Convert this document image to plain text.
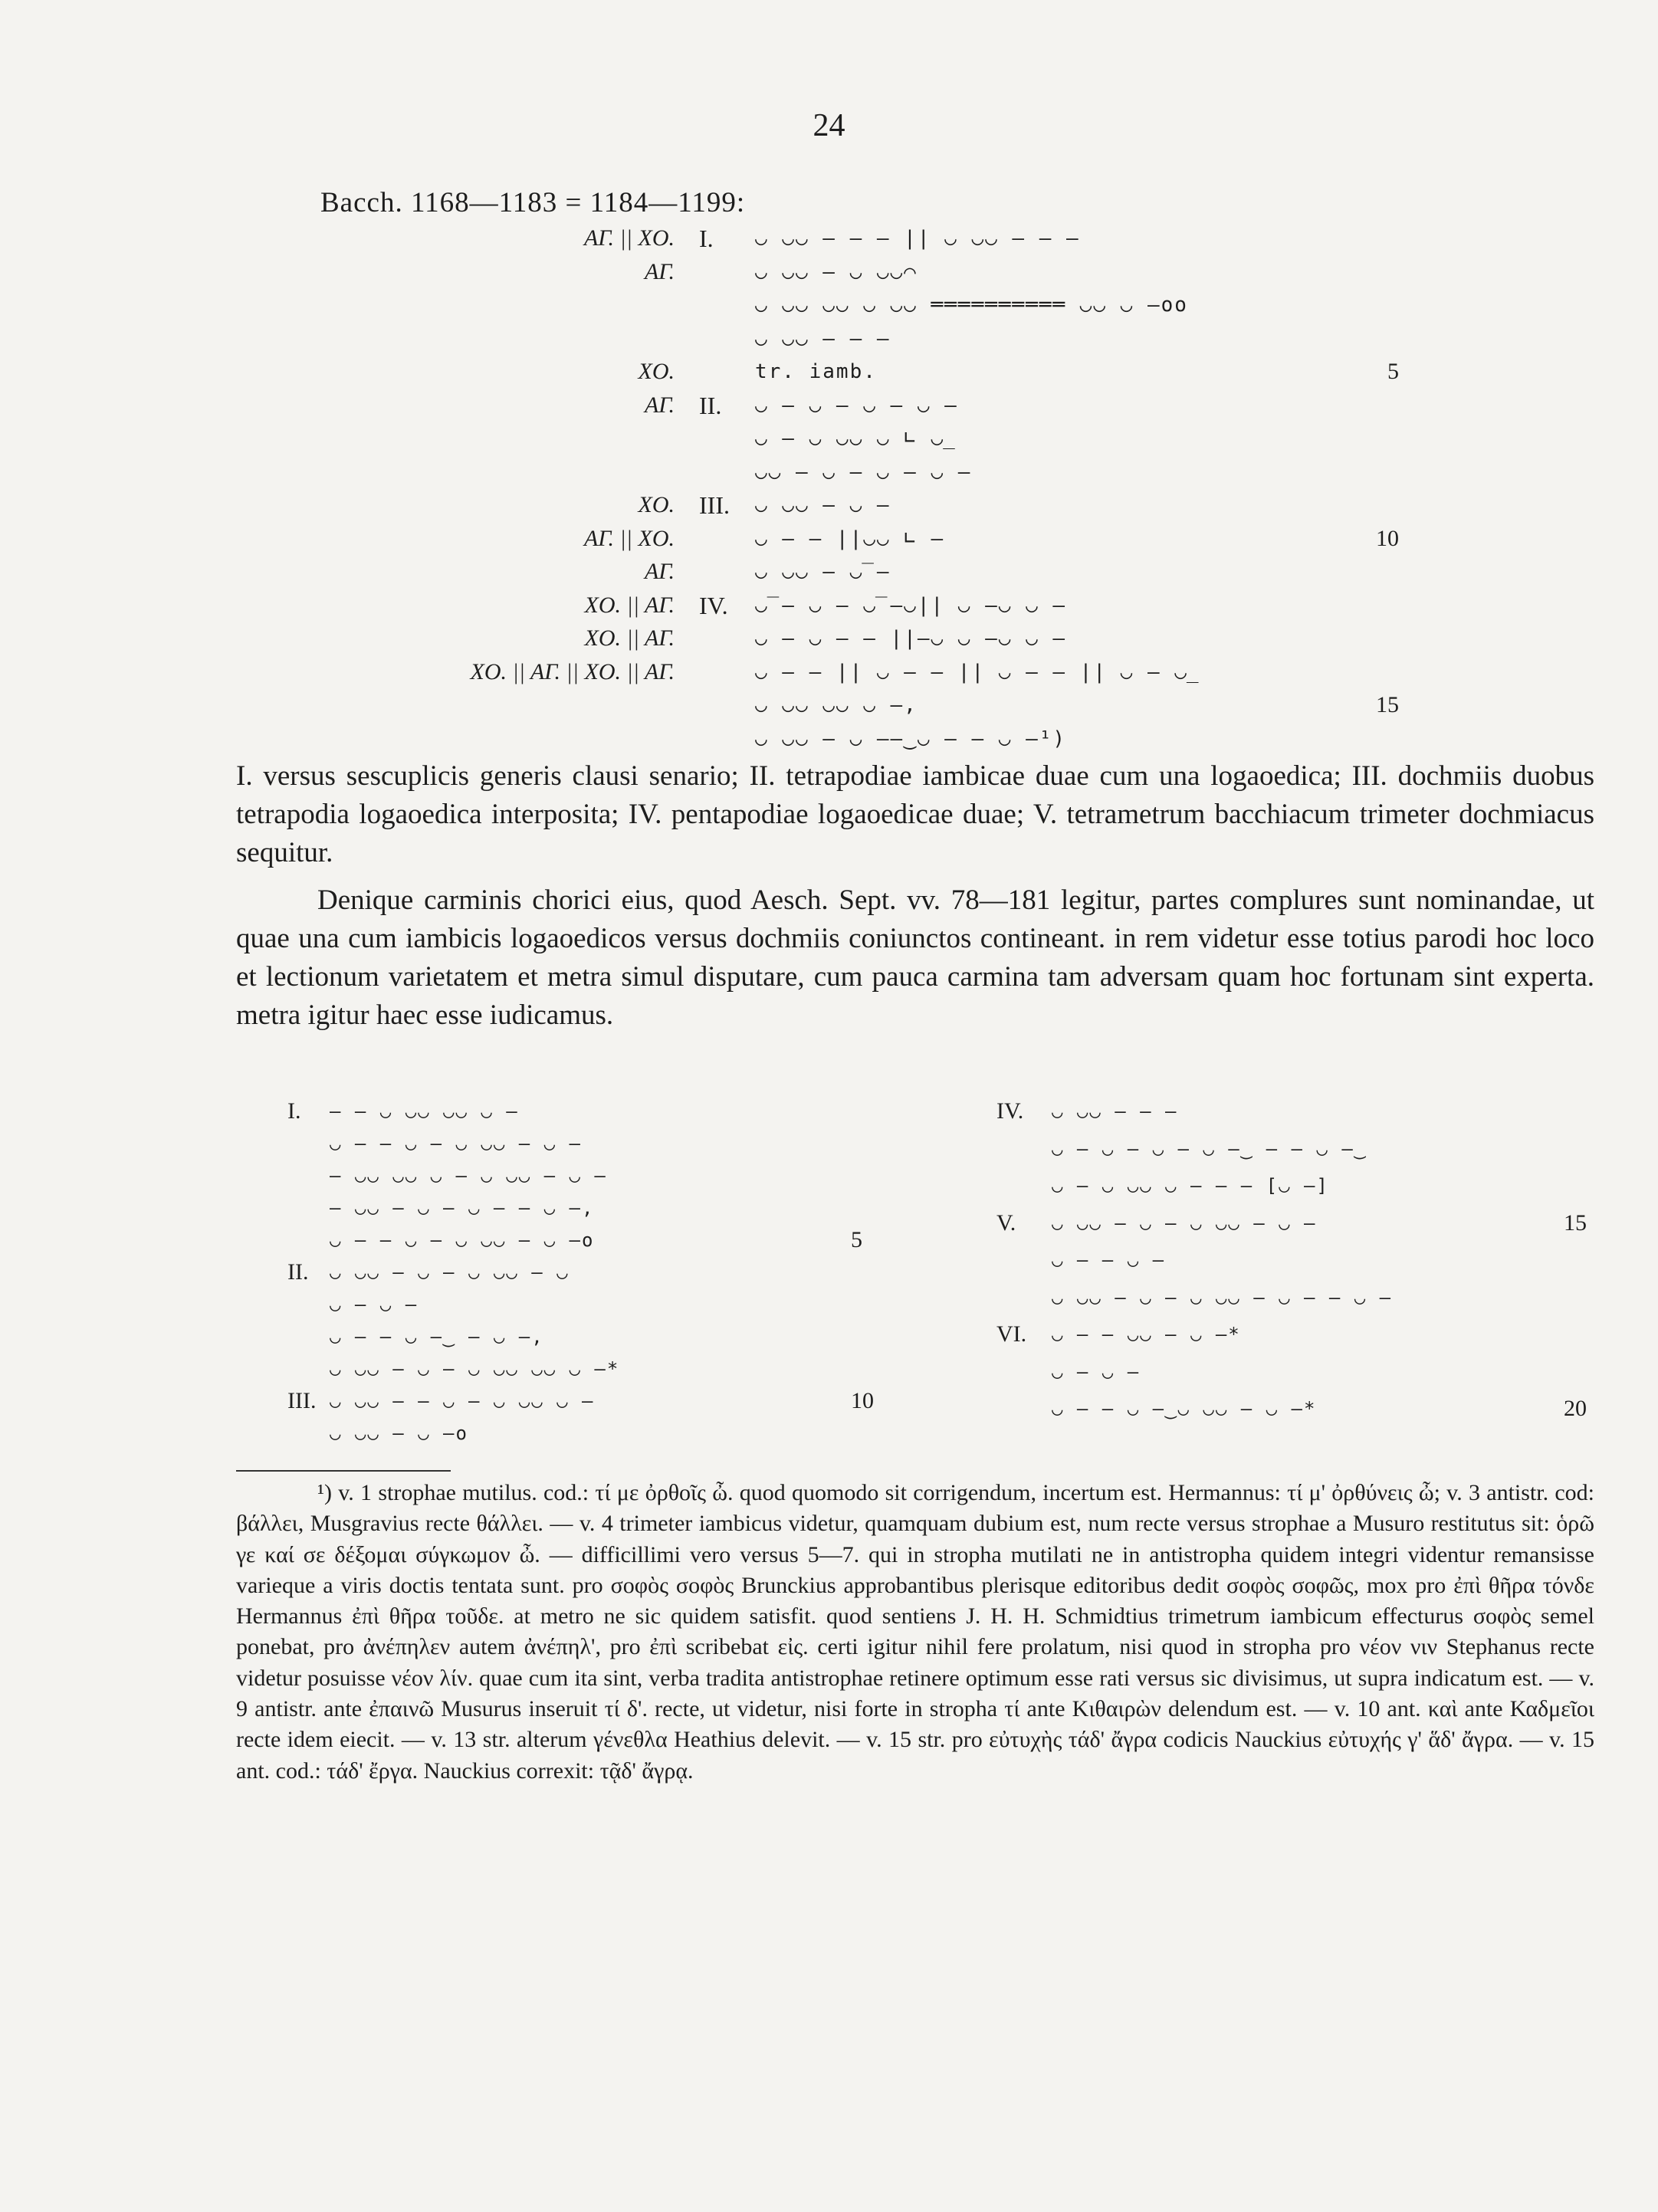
24
Bacch. 1168—1183 = 1184—1199:

I. versus sescuplicis generis clausi senario; II. tetrapodiae iambicae duae cum una logaoedica; III. dochmiis duobus tetrapodia logaoedica interposita; IV. pentapodiae logaoedicae duae; V. tetrametrum bacchiacum trimeter dochmiacus sequitur.

Denique carminis chorici eius, quod Aesch. Sept. vv. 78—181 legitur, partes complures sunt nominandae, ut quae una cum iambicis logaoedicos versus dochmiis coniunctos contineant. in rem videtur esse totius parodi hoc loco et lectionum varietatem et metra simul disputare, cum pauca carmina tam adversam quam hoc fortunam sint experta. metra igitur haec esse iudicamus.

¹) v. 1 strophae mutilus. cod.: τί με ὀρθοῖς ὦ. quod quomodo sit corrigendum, incertum est. Hermannus: τί μ' ὀρθύνεις ὦ; v. 3 antistr. cod: βάλλει, Musgravius recte θάλλει. — v. 4 trimeter iambicus videtur, quamquam dubium est, num recte versus strophae a Musuro restitutus sit: ὁρῶ γε καί σε δέξομαι σύγκωμον ὦ. — difficillimi vero versus 5—7. qui in stropha mutilati ne in antistropha quidem integri videntur remansisse varieque a viris doctis tentata sunt. pro σοφὸς σοφὸς Brunckius approbantibus plerisque editoribus dedit σοφὸς σοφῶς, mox pro ἐπὶ θῆρα τόνδε Hermannus ἐπὶ θῆρα τοῦδε. at metro ne sic quidem satisfit. quod sentiens J. H. H. Schmidtius trimetrum iambicum effecturus σοφὸς semel ponebat, pro ἀνέπηλεν autem ἀνέπηλ', pro ἐπὶ scribebat εἰς. certi igitur nihil fere prolatum, nisi quod in stropha pro νέον νιν Stephanus recte videtur posuisse νέον λίν. quae cum ita sint, verba tradita antistrophae retinere optimum esse rati versus sic divisimus, ut supra indicatum est. — v. 9 antistr. ante ἐπαινῶ Musurus inseruit τί δ'. recte, ut videtur, nisi forte in stropha τί ante Κιθαιρὼν delendum est. — v. 10 ant. καὶ ante Καδμεῖοι recte idem eiecit. — v. 13 str. alterum γένεθλα Heathius delevit. — v. 15 str. pro εὐτυχὴς τάδ' ἄγρα codicis Nauckius εὐτυχής γ' ἅδ' ἄγρα. — v. 15 ant. cod.: τάδ' ἔργα. Nauckius correxit: τᾷδ' ἄγρᾳ.

ΑΓ. || ΧΟ. I. ◡ ◡◡ — — — || ◡ ◡◡ — — —
ΑΓ.	◡ ◡◡ — ◡ ◡◡⌒
◡ ◡◡ ◡◡ ◡ ◡◡ ══════════ ◡◡ ◡ —οο
◡ ◡◡ — — —
ΧΟ.	tr. iamb.	5
ΑΓ. II. ◡ — ◡ — ◡ — ◡ —
◡ — ◡ ◡◡ ◡ ∟ ◡̲
◡◡ — ◡ — ◡ — ◡ —
ΧΟ. III. ◡ ◡◡ — ◡ —
ΑΓ. || ΧΟ.	◡ — — ||◡◡ ∟ —	10
ΑΓ.	◡ ◡◡ — ◡̅ —
ΧΟ. || ΑΓ. IV. ◡̅ — ◡ — ◡̅ —◡|| ◡ —◡ ◡ —
ΧΟ. || ΑΓ.	◡ — ◡ — — ||—◡ ◡ —◡ ◡ —
ΧΟ. || ΑΓ. || ΧΟ. || ΑΓ.	◡ — — || ◡ — — || ◡ — — || ◡ — ◡̲
◡ ◡◡ ◡◡ ◡ —,	15
◡ ◡◡ — ◡ ——‿◡ — — ◡ —¹)
I. — — ◡ ◡◡ ◡◡ ◡ —
◡ — — ◡ — ◡ ◡◡ — ◡ —
— ◡◡ ◡◡ ◡ — ◡ ◡◡ — ◡ —
— ◡◡ — ◡ — ◡ — — ◡ —,
◡ — — ◡ — ◡ ◡◡ — ◡ —ο	5
II. ◡ ◡◡ — ◡ — ◡ ◡◡ — ◡
◡ — ◡ —
◡ — — ◡ —‿ — ◡ —,
◡ ◡◡ — ◡ — ◡ ◡◡ ◡◡ ◡ —*
III. ◡ ◡◡ — — ◡ — ◡ ◡◡ ◡ —	10
◡ ◡◡ — ◡ —ο
IV. ◡ ◡◡ — — —
◡ — ◡ — ◡ — ◡ —‿ — — ◡ —‿
◡ — ◡ ◡◡ ◡ — — — [◡ —]
V. ◡ ◡◡ — ◡ — ◡ ◡◡ — ◡ —	15
◡ — — ◡ —
◡ ◡◡ — ◡ — ◡ ◡◡ — ◡ — — ◡ —
VI. ◡ — — ◡◡ — ◡ —*
◡ — ◡ —
◡ — — ◡ —‿◡ ◡◡ — ◡ —*	20
